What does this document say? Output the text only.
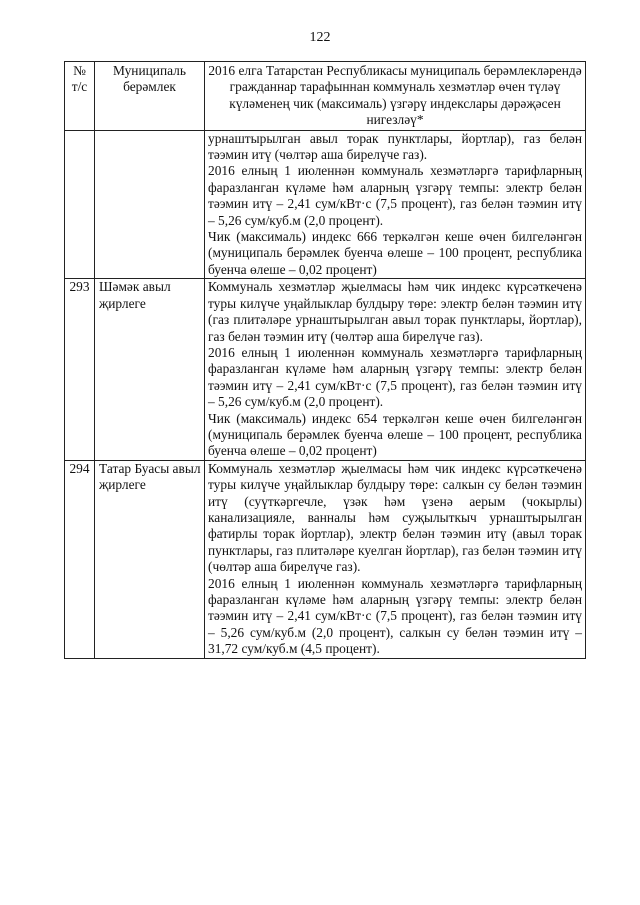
122
№ т/с	Муниципаль берәмлек	2016 елга Татарстан Республикасы муниципаль берәмлекләрендә гражданнар тарафыннан коммуналь хезмәтләр өчен түләү күләменең чик (максималь) үзгәрү индекслары дәрәҗәсен нигезләү*

		урнаштырылган авыл торак пунктлары, йортлар), газ белән тәэмин итү (чөлтәр аша бирелүче газ).

2016 елның 1 июленнән коммуналь хезмәтләргә тарифларның фаразланган күләме һәм аларның үзгәрү темпы: электр белән тәэмин итү – 2,41 сум/кВт·с (7,5 процент), газ белән тәэмин итү – 5,26 сум/куб.м (2,0 процент).

Чик (максималь) индекс 666 теркәлгән кеше өчен билгеләнгән (муниципаль берәмлек буенча өлеше – 100 процент, республика буенча өлеше – 0,02 процент)

293	Шәмәк авыл җирлеге	Коммуналь хезмәтләр җыелмасы һәм чик индекс күрсәткеченә туры килүче уңайлыклар булдыру төре: электр белән тәэмин итү (газ плитәләре урнаштырылган авыл торак пунктлары, йортлар), газ белән тәэмин итү (чөлтәр аша бирелүче газ).

2016 елның 1 июленнән коммуналь хезмәтләргә тарифларның фаразланган күләме һәм аларның үзгәрү темпы: электр белән тәэмин итү – 2,41 сум/кВт·с (7,5 процент), газ белән тәэмин итү – 5,26 сум/куб.м (2,0 процент).

Чик (максималь) индекс 654 теркәлгән кеше өчен билгеләнгән (муниципаль берәмлек буенча өлеше – 100 процент, республика буенча өлеше – 0,02 процент)

294	Татар Буасы авыл җирлеге	Коммуналь хезмәтләр җыелмасы һәм чик индекс күрсәткеченә туры килүче уңайлыклар булдыру төре: салкын су белән тәэмин итү (суүткәргечле, үзәк һәм үзенә аерым (чокырлы) канализацияле, ванналы һәм суҗылыткыч урнаштырылган фатирлы торак йортлар), электр белән тәэмин итү (авыл торак пунктлары, газ плитәләре куелган йортлар), газ белән тәэмин итү (чөлтәр аша бирелүче газ).

2016 елның 1 июленнән коммуналь хезмәтләргә тарифларның фаразланган күләме һәм аларның үзгәрү темпы: электр белән тәэмин итү – 2,41 сум/кВт·с (7,5 процент), газ белән тәэмин итү – 5,26 сум/куб.м (2,0 процент), салкын су белән тәэмин итү – 31,72 сум/куб.м (4,5 процент).
